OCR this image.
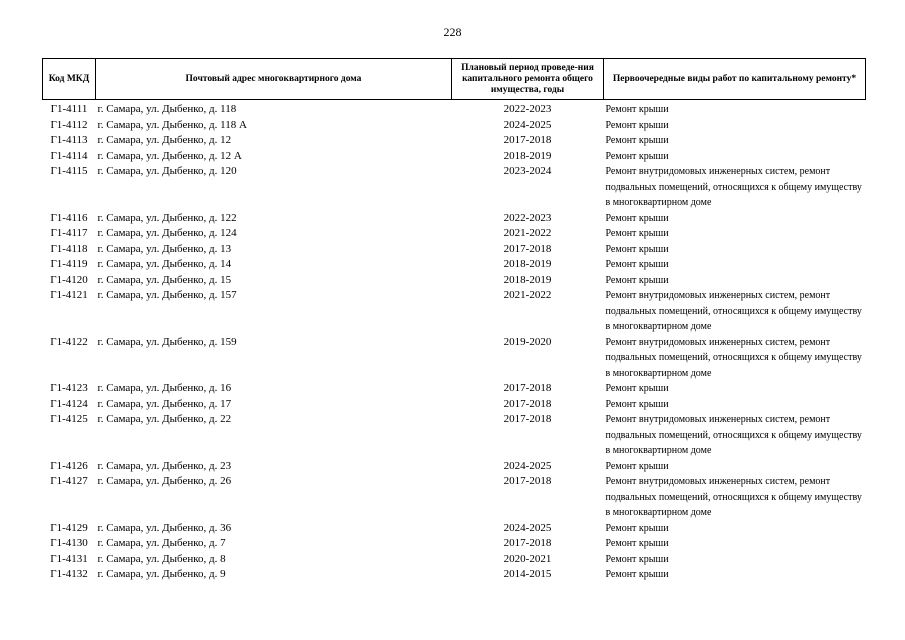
228
Код МКД	Почтовый адрес многоквартирного дома	Плановый период проведе-ния капитального ремонта общего имущества, годы	Первоочередные виды работ по капитальному ремонту*

Г1-4111	г. Самара, ул. Дыбенко, д. 118	2022-2023	Ремонт крыши
Г1-4112	г. Самара, ул. Дыбенко, д. 118 А	2024-2025	Ремонт крыши
Г1-4113	г. Самара, ул. Дыбенко, д. 12	2017-2018	Ремонт крыши
Г1-4114	г. Самара, ул. Дыбенко, д. 12 А	2018-2019	Ремонт крыши
Г1-4115	г. Самара, ул. Дыбенко, д. 120	2023-2024	Ремонт внутридомовых инженерных систем, ремонт подвальных помещений, относящихся к общему имуществу в многоквартирном доме
Г1-4116	г. Самара, ул. Дыбенко, д. 122	2022-2023	Ремонт крыши
Г1-4117	г. Самара, ул. Дыбенко, д. 124	2021-2022	Ремонт крыши
Г1-4118	г. Самара, ул. Дыбенко, д. 13	2017-2018	Ремонт крыши
Г1-4119	г. Самара, ул. Дыбенко, д. 14	2018-2019	Ремонт крыши
Г1-4120	г. Самара, ул. Дыбенко, д. 15	2018-2019	Ремонт крыши
Г1-4121	г. Самара, ул. Дыбенко, д. 157	2021-2022	Ремонт внутридомовых инженерных систем, ремонт подвальных помещений, относящихся к общему имуществу в многоквартирном доме
Г1-4122	г. Самара, ул. Дыбенко, д. 159	2019-2020	Ремонт внутридомовых инженерных систем, ремонт подвальных помещений, относящихся к общему имуществу в многоквартирном доме
Г1-4123	г. Самара, ул. Дыбенко, д. 16	2017-2018	Ремонт крыши
Г1-4124	г. Самара, ул. Дыбенко, д. 17	2017-2018	Ремонт крыши
Г1-4125	г. Самара, ул. Дыбенко, д. 22	2017-2018	Ремонт внутридомовых инженерных систем, ремонт подвальных помещений, относящихся к общему имуществу в многоквартирном доме
Г1-4126	г. Самара, ул. Дыбенко, д. 23	2024-2025	Ремонт крыши
Г1-4127	г. Самара, ул. Дыбенко, д. 26	2017-2018	Ремонт внутридомовых инженерных систем, ремонт подвальных помещений, относящихся к общему имуществу в многоквартирном доме
Г1-4129	г. Самара, ул. Дыбенко, д. 36	2024-2025	Ремонт крыши
Г1-4130	г. Самара, ул. Дыбенко, д. 7	2017-2018	Ремонт крыши
Г1-4131	г. Самара, ул. Дыбенко, д. 8	2020-2021	Ремонт крыши
Г1-4132	г. Самара, ул. Дыбенко, д. 9	2014-2015	Ремонт крыши
